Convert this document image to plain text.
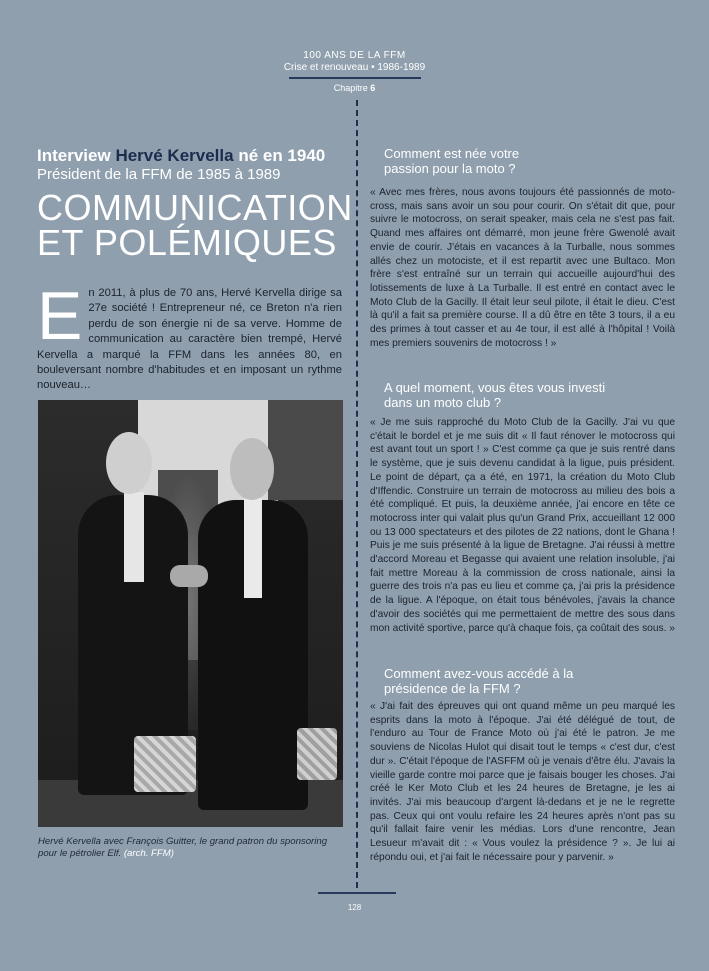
100 ANS DE LA FFM
Crise et renouveau • 1986-1989
Chapitre 6
Interview Hervé Kervella né en 1940
Président de la FFM de 1985 à 1989
COMMUNICATION
ET POLÉMIQUES
E n 2011, à plus de 70 ans, Hervé Kervella dirige sa 27e société ! Entrepreneur né, ce Breton n'a rien perdu de son énergie ni de sa verve. Homme de communication au caractère bien trempé, Hervé Kervella a marqué la FFM dans les années 80, en bouleversant nombre d'habitudes et en imposant un rythme nouveau…
Hervé Kervella avec François Guitter, le grand patron du sponsoring pour le pétrolier Elf. (arch. FFM)
Comment est née votre passion pour la moto ?
« Avec mes frères, nous avons toujours été passionnés de moto-cross, mais sans avoir un sou pour courir. On s'était dit que, pour suivre le motocross, on serait speaker, mais cela ne s'est pas fait. Quand mes affaires ont démarré, mon jeune frère Gwenolé avait envie de courir. J'étais en vacances à la Turballe, nous sommes allés chez un motociste, et il est repartit avec une Bultaco. Mon frère s'est entraîné sur un terrain qui accueille aujourd'hui des lotissements de luxe à La Turballe. Il est entré en contact avec le Moto Club de la Gacilly. Il était leur seul pilote, il était le dieu. C'est là qu'il a fait sa première course. Il a dû être en tête 3 tours, il a eu des primes à tout casser et au 4e tour, il est allé à l'hôpital ! Voilà mes premiers souvenirs de motocross ! »
A quel moment, vous êtes vous investi dans un moto club ?
« Je me suis rapproché du Moto Club de la Gacilly. J'ai vu que c'était le bordel et je me suis dit « Il faut rénover le motocross qui est avant tout un sport ! » C'est comme ça que je suis rentré dans le système, que je suis devenu candidat à la ligue, puis président. Le point de départ, ça a été, en 1971, la création du Moto Club d'Iffendic. Construire un terrain de motocross au milieu des bois a été compliqué. Et puis, la deuxième année, j'ai encore en tête ce motocross inter qui valait plus qu'un Grand Prix, accueillant 12 000 ou 13 000 spectateurs et des pilotes de 22 nations, dont le Ghana ! Puis je me suis présenté à la ligue de Bretagne. J'ai réussi à mettre d'accord Moreau et Begasse qui avaient une relation insoluble, j'ai fait mettre Moreau à la commission de cross nationale, ainsi la guerre des trois n'a pas eu lieu et comme ça, j'ai pris la présidence de la ligue. A l'époque, on était tous bénévoles, j'avais la chance d'avoir des sociétés qui me permettaient de mettre des sous dans mon activité sportive, parce qu'à chaque fois, ça coûtait des sous. »
Comment avez-vous accédé à la présidence de la FFM ?
« J'ai fait des épreuves qui ont quand même un peu marqué les esprits dans la moto à l'époque. J'ai été délégué de tout, de l'enduro au Tour de France Moto où j'ai été le patron. Je me souviens de Nicolas Hulot qui disait tout le temps « c'est dur, c'est dur ». C'était l'époque de l'ASFFM où je venais d'être élu. J'avais la vieille garde contre moi parce que je faisais bouger les choses. J'ai créé le Ker Moto Club et les 24 heures de Bretagne, je les ai invités. J'ai mis beaucoup d'argent là-dedans et je ne le regrette pas. Ceux qui ont voulu refaire les 24 heures après n'ont pas su qu'il fallait faire venir les médias. Lors d'une rencontre, Jean Lesueur m'avait dit : « Vous voulez la présidence ? ». Je lui ai répondu oui, et j'ai fait le nécessaire pour y parvenir. »
128
